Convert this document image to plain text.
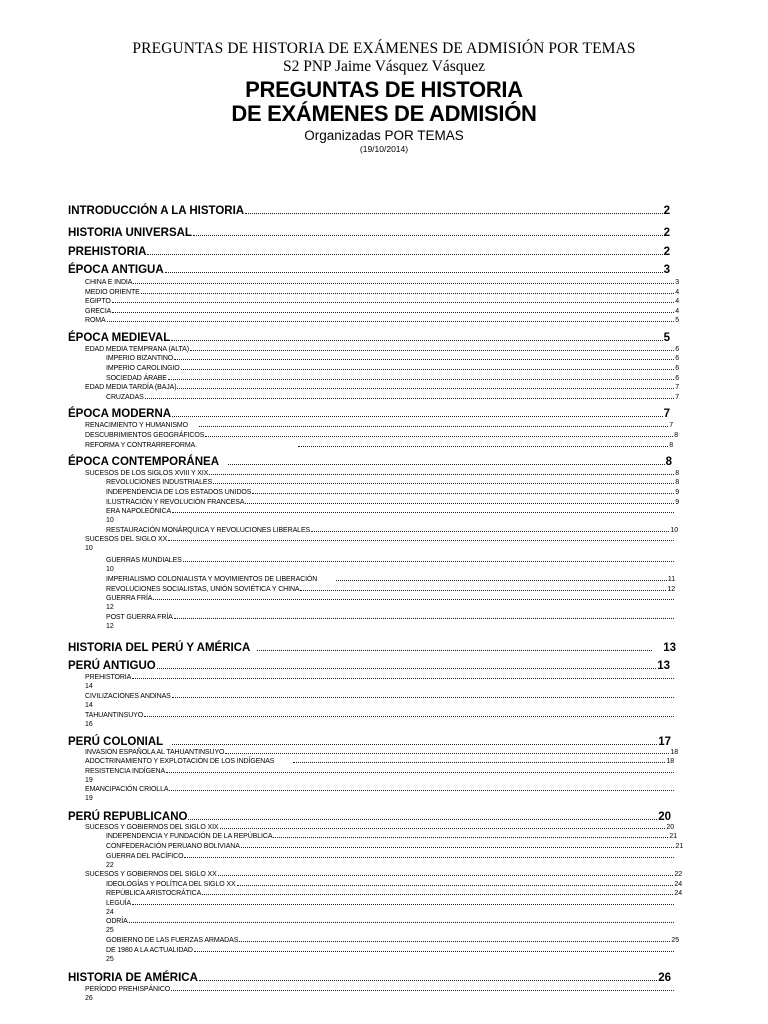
PREGUNTAS DE HISTORIA DE EXÁMENES DE ADMISIÓN POR TEMAS
S2 PNP Jaime Vásquez Vásquez
PREGUNTAS DE HISTORIA
DE EXÁMENES DE ADMISIÓN
Organizadas POR TEMAS
(19/10/2014)
INTRODUCCIÓN A LA HISTORIA	2
HISTORIA UNIVERSAL	2
PREHISTORIA	2
ÉPOCA ANTIGUA	3
CHINA E INDIA	3
MEDIO ORIENTE	4
EGIPTO	4
GRECIA	4
ROMA	5
ÉPOCA MEDIEVAL	5
EDAD MEDIA TEMPRANA (ALTA)	6
IMPERIO BIZANTINO	6
IMPERIO CAROLINGIO	6
SOCIEDAD ÁRABE	6
EDAD MEDIA TARDÍA (BAJA)	7
CRUZADAS	7
ÉPOCA MODERNA	7
RENACIMIENTO Y HUMANISMO	7
DESCUBRIMIENTOS GEOGRÁFICOS	8
REFORMA Y CONTRARREFORMA.	8
ÉPOCA CONTEMPORÁNEA	8
SUCESOS DE LOS SIGLOS XVIII Y XIX	8
REVOLUCIONES INDUSTRIALES	8
INDEPENDENCIA DE LOS ESTADOS UNIDOS	9
ILUSTRACIÓN Y REVOLUCIÓN FRANCESA	9
ERA NAPOLEÓNICA
10
RESTAURACIÓN MONÁRQUICA Y REVOLUCIONES LIBERALES	10
SUCESOS DEL SIGLO XX
10
GUERRAS MUNDIALES
10
IMPERIALISMO COLONIALISTA Y MOVIMIENTOS DE LIBERACIÓN	11
REVOLUCIONES SOCIALISTAS, UNIÓN SOVIÉTICA Y CHINA	12
GUERRA FRÍA
12
POST GUERRA FRÍA
12
HISTORIA DEL PERÚ Y AMÉRICA	13
PERÚ ANTIGUO	13
PREHISTORIA
14
CIVILIZACIONES ANDINAS
14
TAHUANTINSUYO
16
PERÚ COLONIAL	17
INVASIÓN ESPAÑOLA AL TAHUANTINSUYO	18
ADOCTRINAMIENTO Y EXPLOTACIÓN DE LOS INDÍGENAS	18
RESISTENCIA INDÍGENA
19
EMANCIPACIÓN CRIOLLA
19
PERÚ REPUBLICANO	20
SUCESOS Y GOBIERNOS DEL SIGLO XIX	20
INDEPENDENCIA Y FUNDACIÓN DE LA REPÚBLICA	21
CONFEDERACIÓN PERUANO BOLIVIANA	21
GUERRA DEL PACÍFICO
22
SUCESOS Y GOBIERNOS DEL SIGLO XX	22
IDEOLOGÍAS Y POLÍTICA DEL SIGLO XX	24
REPÚBLICA ARISTOCRÁTICA	24
LEGUÍA
24
ODRÍA
25
GOBIERNO DE LAS FUERZAS ARMADAS	25
DE 1980 A LA ACTUALIDAD
25
HISTORIA DE AMÉRICA	26
PERÍODO PREHISPÁNICO
26
